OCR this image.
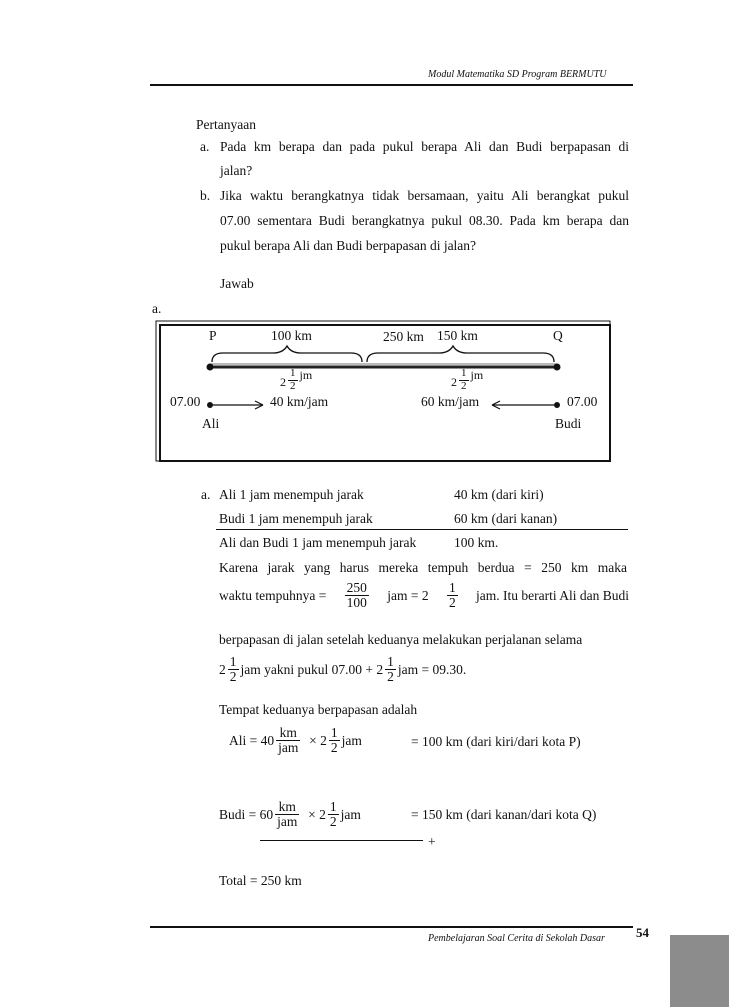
Modul Matematika SD Program BERMUTU
Pertanyaan
a. Pada km berapa dan pada pukul berapa Ali dan Budi berpapasan di
jalan?
b. Jika waktu berangkatnya tidak bersamaan, yaitu Ali berangkat pukul
07.00 sementara Budi berangkatnya pukul 08.30. Pada km berapa dan
pukul berapa Ali dan Budi berpapasan di jalan?
Jawab
a.
P	Q
100 km	250 km 150 km
$2 \frac{1}{2}$ jm	$2 \frac{1}{2}$ jm
07.00	07.00
40 km/jam	60 km/jam
Ali	Budi
a. Ali 1 jam menempuh jarak	40 km (dari kiri)
Budi 1 jam menempuh jarak	60 km (dari kanan)
Ali dan Budi 1 jam menempuh jarak	100 km.
Karena jarak yang harus mereka tempuh berdua = 250 km maka
waktu tempuhnya = $\frac{250}{100}$ jam = $2 \frac{1}{2}$ jam. Itu berarti Ali dan Budi
berpapasan di jalan setelah keduanya melakukan perjalanan selama
$2 \frac{1}{2}$ jam yakni pukul 07.00 +
$2 \frac{1}{2}$ jam = 09.30.
Tempat keduanya berpapasan adalah
Ali = $40 \frac{km}{\text{jam}}$
× $2 \frac{1}{2}$ jam	= 100 km (dari kiri/dari kota P)
Budi = $60 \frac{km}{\text{jam}}$
× $2 \frac{1}{2}$ jam	= 150 km (dari kanan/dari kota Q)
+
Total = 250 km
Pembelajaran Soal Cerita di Sekolah Dasar 54
